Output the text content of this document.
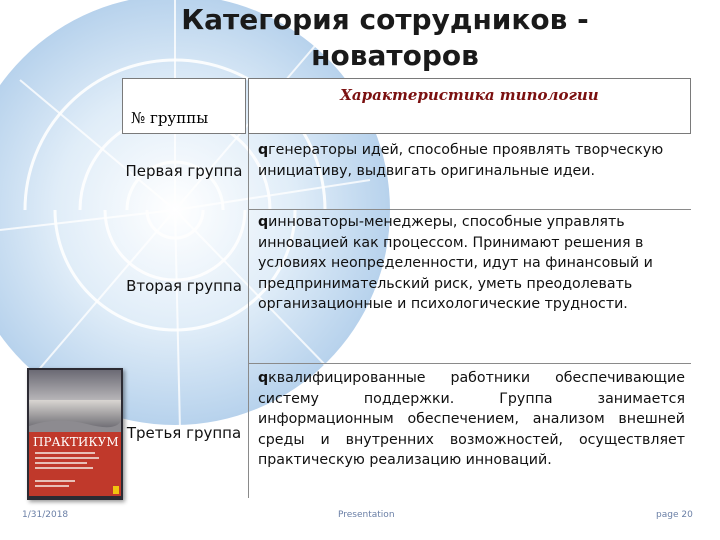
Категория сотрудников -
новаторов
№ группы
Характеристика типологии
Первая группа
qгенераторы идей, способные проявлять творческую инициативу, выдвигать оригинальные идеи.
Вторая группа
qинноваторы-менеджеры, способные управлять инновацией как процессом. Принимают решения в условиях неопределенности, идут на финансовый и предпринимательский риск, уметь преодолевать организационные и психологические трудности.
Третья группа
qквалифицированные работники обеспечивающие систему поддержки. Группа занимается информационным обеспечением, анализом внешней среды и внутренних возможностей, осуществляет практическую реализацию инноваций.
ПРАКТИКУМ
1/31/2018	Presentation	page 20
